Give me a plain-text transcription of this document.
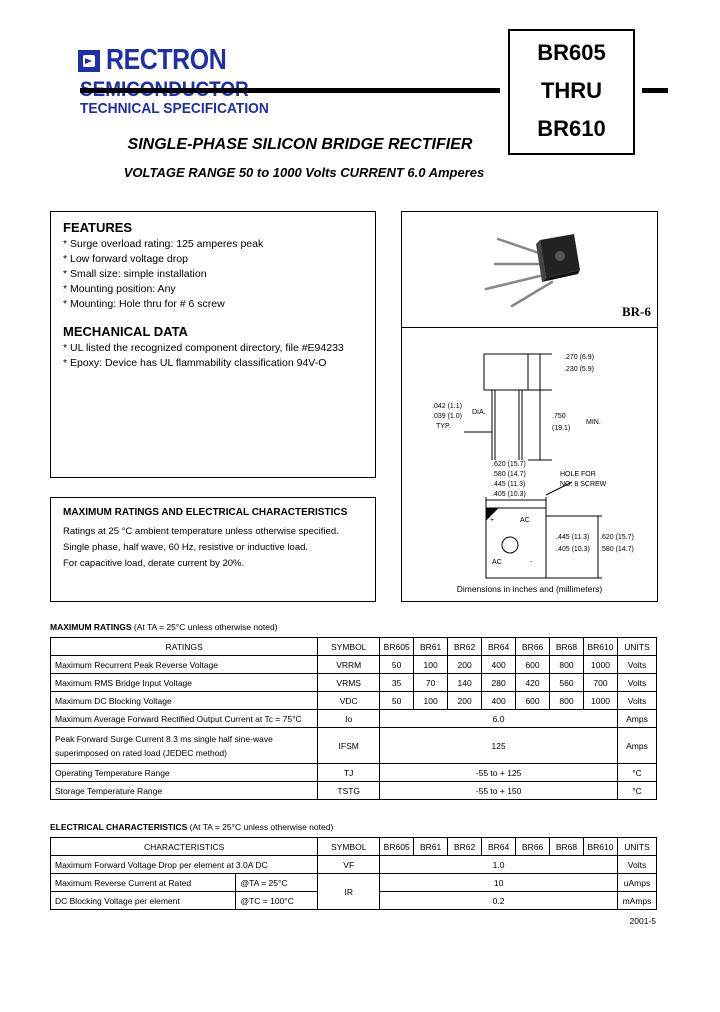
RECTRON
TECHNICAL SPECIFICATION
BR605
THRU
BR610
SINGLE-PHASE SILICON BRIDGE RECTIFIER
VOLTAGE RANGE 50 to 1000 Volts CURRENT 6.0 Amperes
FEATURES
* Surge overload rating: 125 amperes peak
* Low forward voltage drop
* Small size: simple installation
* Mounting position: Any
* Mounting: Hole thru for # 6 screw
MECHANICAL DATA
* UL listed the recognized component directory, file #E94233
* Epoxy: Device has UL flammability classification 94V-O
BR-6
.270 (6.9)
.230 (5.9)
.042 (1.1)
.039 (1.0)
DIA.
TYP.
.750
(19.1)
MIN.
.620 (15.7)
.580 (14.7)
.445 (11.3)
.405 (10.3)
HOLE FOR
NO. 8 SCREW
.445 (11.3)
.405 (10.3)
.620 (15.7)
.580 (14.7)
+	AC
AC	-
Dimensions in inches and (millimeters)
MAXIMUM RATINGS AND ELECTRICAL CHARACTERISTICS
Ratings at 25 °C ambient temperature unless otherwise specified.
Single phase, half wave, 60 Hz, resistive or inductive load.
For capacitive load, derate current by 20%.
MAXIMUM RATINGS (At TA = 25°C unless otherwise noted)
RATINGS	SYMBOL	BR605	BR61	BR62	BR64	BR66	BR68	BR610	UNITS
Maximum Recurrent Peak Reverse Voltage	VRRM	50	100	200	400	600	800	1000	Volts
Maximum RMS Bridge Input Voltage	VRMS	35	70	140	280	420	560	700	Volts
Maximum DC Blocking Voltage	VDC	50	100	200	400	600	800	1000	Volts
Maximum Average Forward Rectified Output Current at Tc = 75°C	Io	6.0							Amps

Peak Forward Surge Current 8.3 ms single half sine-wave
superimposed on rated load (JEDEC method)	IFSM	125							Amps
Operating Temperature Range	TJ	-55 to + 125							°C
Storage Temperature Range	TSTG	-55 to + 150							°C
ELECTRICAL CHARACTERISTICS (At TA = 25°C unless otherwise noted)
CHARACTERISTICS		SYMBOL	BR605	BR61	BR62	BR64	BR66	BR68	BR610	UNITS
Maximum Forward Voltage Drop per element at 3.0A DC		VF	1.0							Volts
Maximum Reverse Current at Rated	@TA = 25°C	IR	10							uAmps
DC Blocking Voltage per element	@TC = 100°C		0.2							mAmps
2001-5
